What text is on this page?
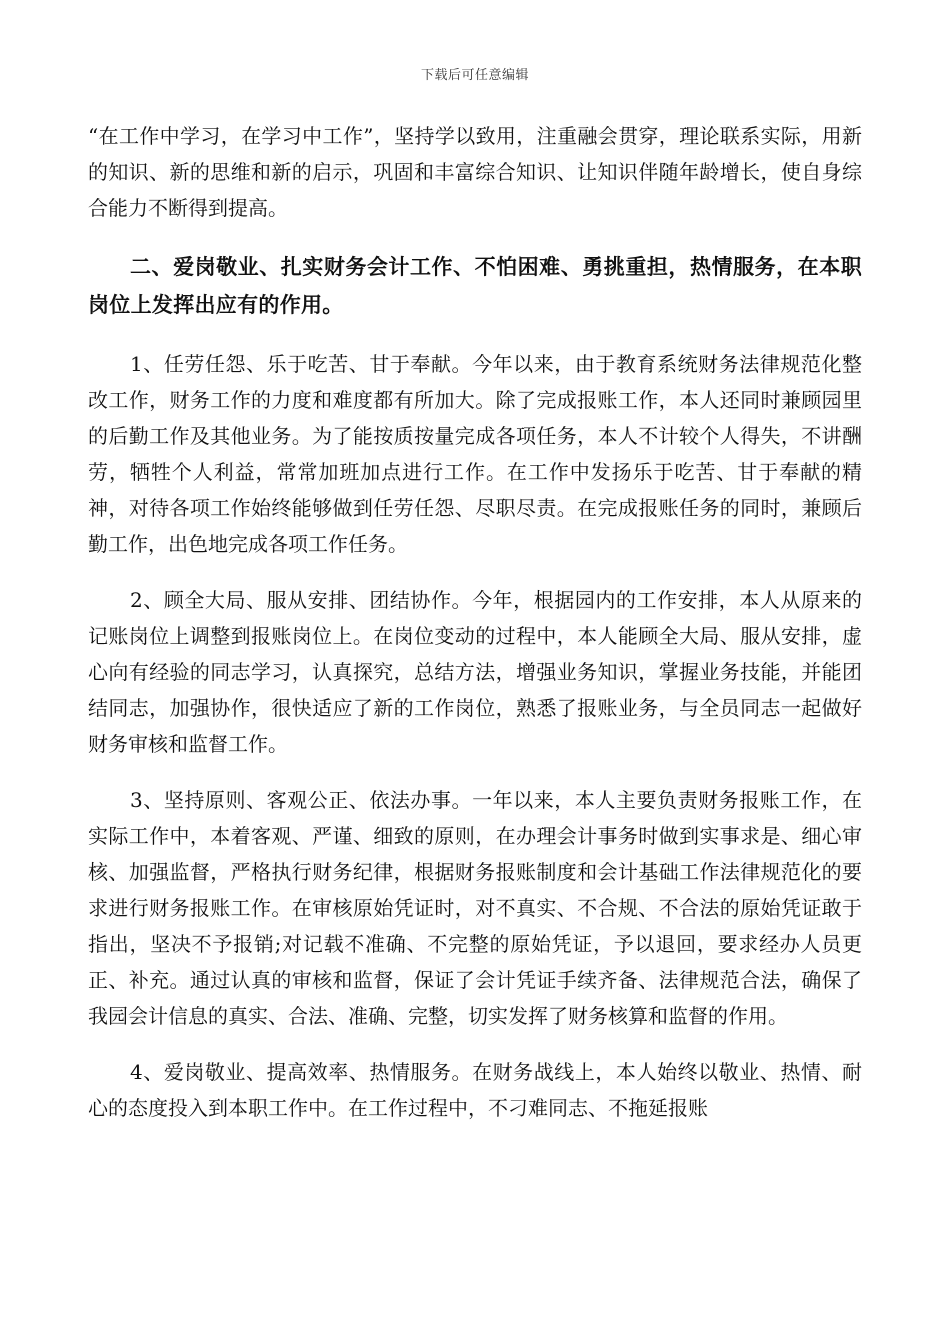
下载后可任意编辑

“在工作中学习，在学习中工作”，坚持学以致用，注重融会贯穿，理论联系实际，用新的知识、新的思维和新的启示，巩固和丰富综合知识、让知识伴随年龄增长，使自身综合能力不断得到提高。

二、爱岗敬业、扎实财务会计工作、不怕困难、勇挑重担，热情服务，在本职岗位上发挥出应有的作用。

1、任劳任怨、乐于吃苦、甘于奉献。今年以来，由于教育系统财务法律规范化整改工作，财务工作的力度和难度都有所加大。除了完成报账工作，本人还同时兼顾园里的后勤工作及其他业务。为了能按质按量完成各项任务，本人不计较个人得失，不讲酬劳，牺牲个人利益，常常加班加点进行工作。在工作中发扬乐于吃苦、甘于奉献的精神，对待各项工作始终能够做到任劳任怨、尽职尽责。在完成报账任务的同时，兼顾后勤工作，出色地完成各项工作任务。

2、顾全大局、服从安排、团结协作。今年，根据园内的工作安排，本人从原来的记账岗位上调整到报账岗位上。在岗位变动的过程中，本人能顾全大局、服从安排，虚心向有经验的同志学习，认真探究，总结方法，增强业务知识，掌握业务技能，并能团结同志，加强协作，很快适应了新的工作岗位，熟悉了报账业务，与全员同志一起做好财务审核和监督工作。

3、坚持原则、客观公正、依法办事。一年以来，本人主要负责财务报账工作，在实际工作中，本着客观、严谨、细致的原则，在办理会计事务时做到实事求是、细心审核、加强监督，严格执行财务纪律，根据财务报账制度和会计基础工作法律规范化的要求进行财务报账工作。在审核原始凭证时，对不真实、不合规、不合法的原始凭证敢于指出，坚决不予报销;对记载不准确、不完整的原始凭证，予以退回，要求经办人员更正、补充。通过认真的审核和监督，保证了会计凭证手续齐备、法律规范合法，确保了我园会计信息的真实、合法、准确、完整，切实发挥了财务核算和监督的作用。

4、爱岗敬业、提高效率、热情服务。在财务战线上，本人始终以敬业、热情、耐心的态度投入到本职工作中。在工作过程中，不刁难同志、不拖延报账
